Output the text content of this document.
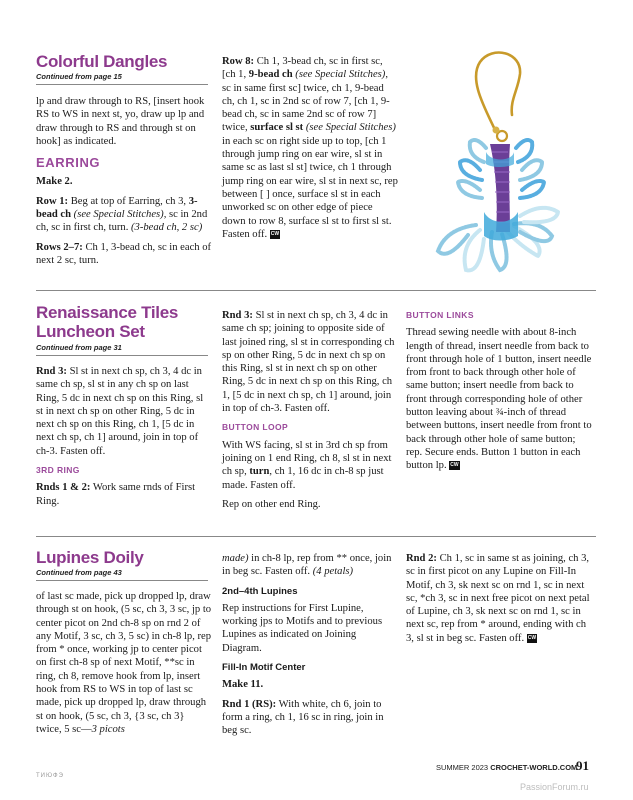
Colorful Dangles
Continued from page 15

lp and draw through to RS, [insert hook RS to WS in next st, yo, draw up lp and draw through to RS and through st on hook] as indicated.

EARRING

Make 2.

Row 1: Beg at top of Earring, ch 3, 3-bead ch (see Special Stitches), sc in 2nd ch, sc in first ch, turn. (3-bead ch, 2 sc)

Rows 2–7: Ch 1, 3-bead ch, sc in each of next 2 sc, turn.

Row 8: Ch 1, 3-bead ch, sc in first sc, [ch 1, 9-bead ch (see Special Stitches), sc in same first sc] twice, ch 1, 9-bead ch, ch 1, sc in 2nd sc of row 7, [ch 1, 9-bead ch, sc in same 2nd sc of row 7] twice, surface sl st (see Special Stitches) in each sc on right side up to top, [ch 1 through jump ring on ear wire, sl st in same sc as last sl st] twice, ch 1 through jump ring on ear wire, sl st in next sc, rep between [ ] once, surface sl st in each unworked sc on other edge of piece down to row 8, surface sl st to first sl st. Fasten off. CW

Renaissance Tiles
Luncheon Set
Continued from page 31

Rnd 3: Sl st in next ch sp, ch 3, 4 dc in same ch sp, sl st in any ch sp on last Ring, 5 dc in next ch sp on this Ring, sl st in next ch sp on other Ring, 5 dc in next ch sp on this Ring, ch 1, [5 dc in next ch sp, ch 1] around, join in top of ch-3. Fasten off.

3RD RING

Rnds 1 & 2: Work same rnds of First Ring.

Rnd 3: Sl st in next ch sp, ch 3, 4 dc in same ch sp; joining to opposite side of last joined ring, sl st in corresponding ch sp on other Ring, 5 dc in next ch sp on this Ring, sl st in next ch sp on other Ring, 5 dc in next ch sp on this Ring, ch 1, [5 dc in next ch sp, ch 1] around, join in top of ch-3. Fasten off.

BUTTON LOOP

With WS facing, sl st in 3rd ch sp from joining on 1 end Ring, ch 8, sl st in next ch sp, turn, ch 1, 16 dc in ch-8 sp just made. Fasten off.

Rep on other end Ring.

BUTTON LINKS

Thread sewing needle with about 8-inch length of thread, insert needle from back to front through hole of 1 button, insert needle from front to back through other hole of same button; insert needle from back to front through corresponding hole of other button leaving about ¾-inch of thread between buttons, insert needle from front to back through other hole of same button; rep. Secure ends. Button 1 button in each button lp. CW

Lupines Doily
Continued from page 43

of last sc made, pick up dropped lp, draw through st on hook, (5 sc, ch 3, 3 sc, jp to center picot on 2nd ch-8 sp on rnd 2 of any Motif, 3 sc, ch 3, 5 sc) in ch-8 lp, rep from * once, working jp to center picot on first ch-8 sp of next Motif, **sc in ring, ch 8, remove hook from lp, insert hook from RS to WS in top of last sc made, pick up dropped lp, draw through st on hook, (5 sc, ch 3, {3 sc, ch 3} twice, 5 sc—3 picots

made) in ch-8 lp, rep from ** once, join in beg sc. Fasten off. (4 petals)

2nd–4th Lupines

Rep instructions for First Lupine, working jps to Motifs and to previous Lupines as indicated on Joining Diagram.

Fill-In Motif Center

Make 11.

Rnd 1 (RS): With white, ch 6, join to form a ring, ch 1, 16 sc in ring, join in beg sc.

Rnd 2: Ch 1, sc in same st as joining, ch 3, sc in first picot on any Lupine on Fill-In Motif, ch 3, sk next sc on rnd 1, sc in next sc, *ch 3, sc in next free picot on next petal of Lupine, ch 3, sk next sc on rnd 1, sc in next sc, rep from * around, ending with ch 3, sl st in beg sc. Fasten off. CW

ТИЮФЭ
SUMMER 2023 CROCHET-WORLD.COM
91
PassionForum.ru
